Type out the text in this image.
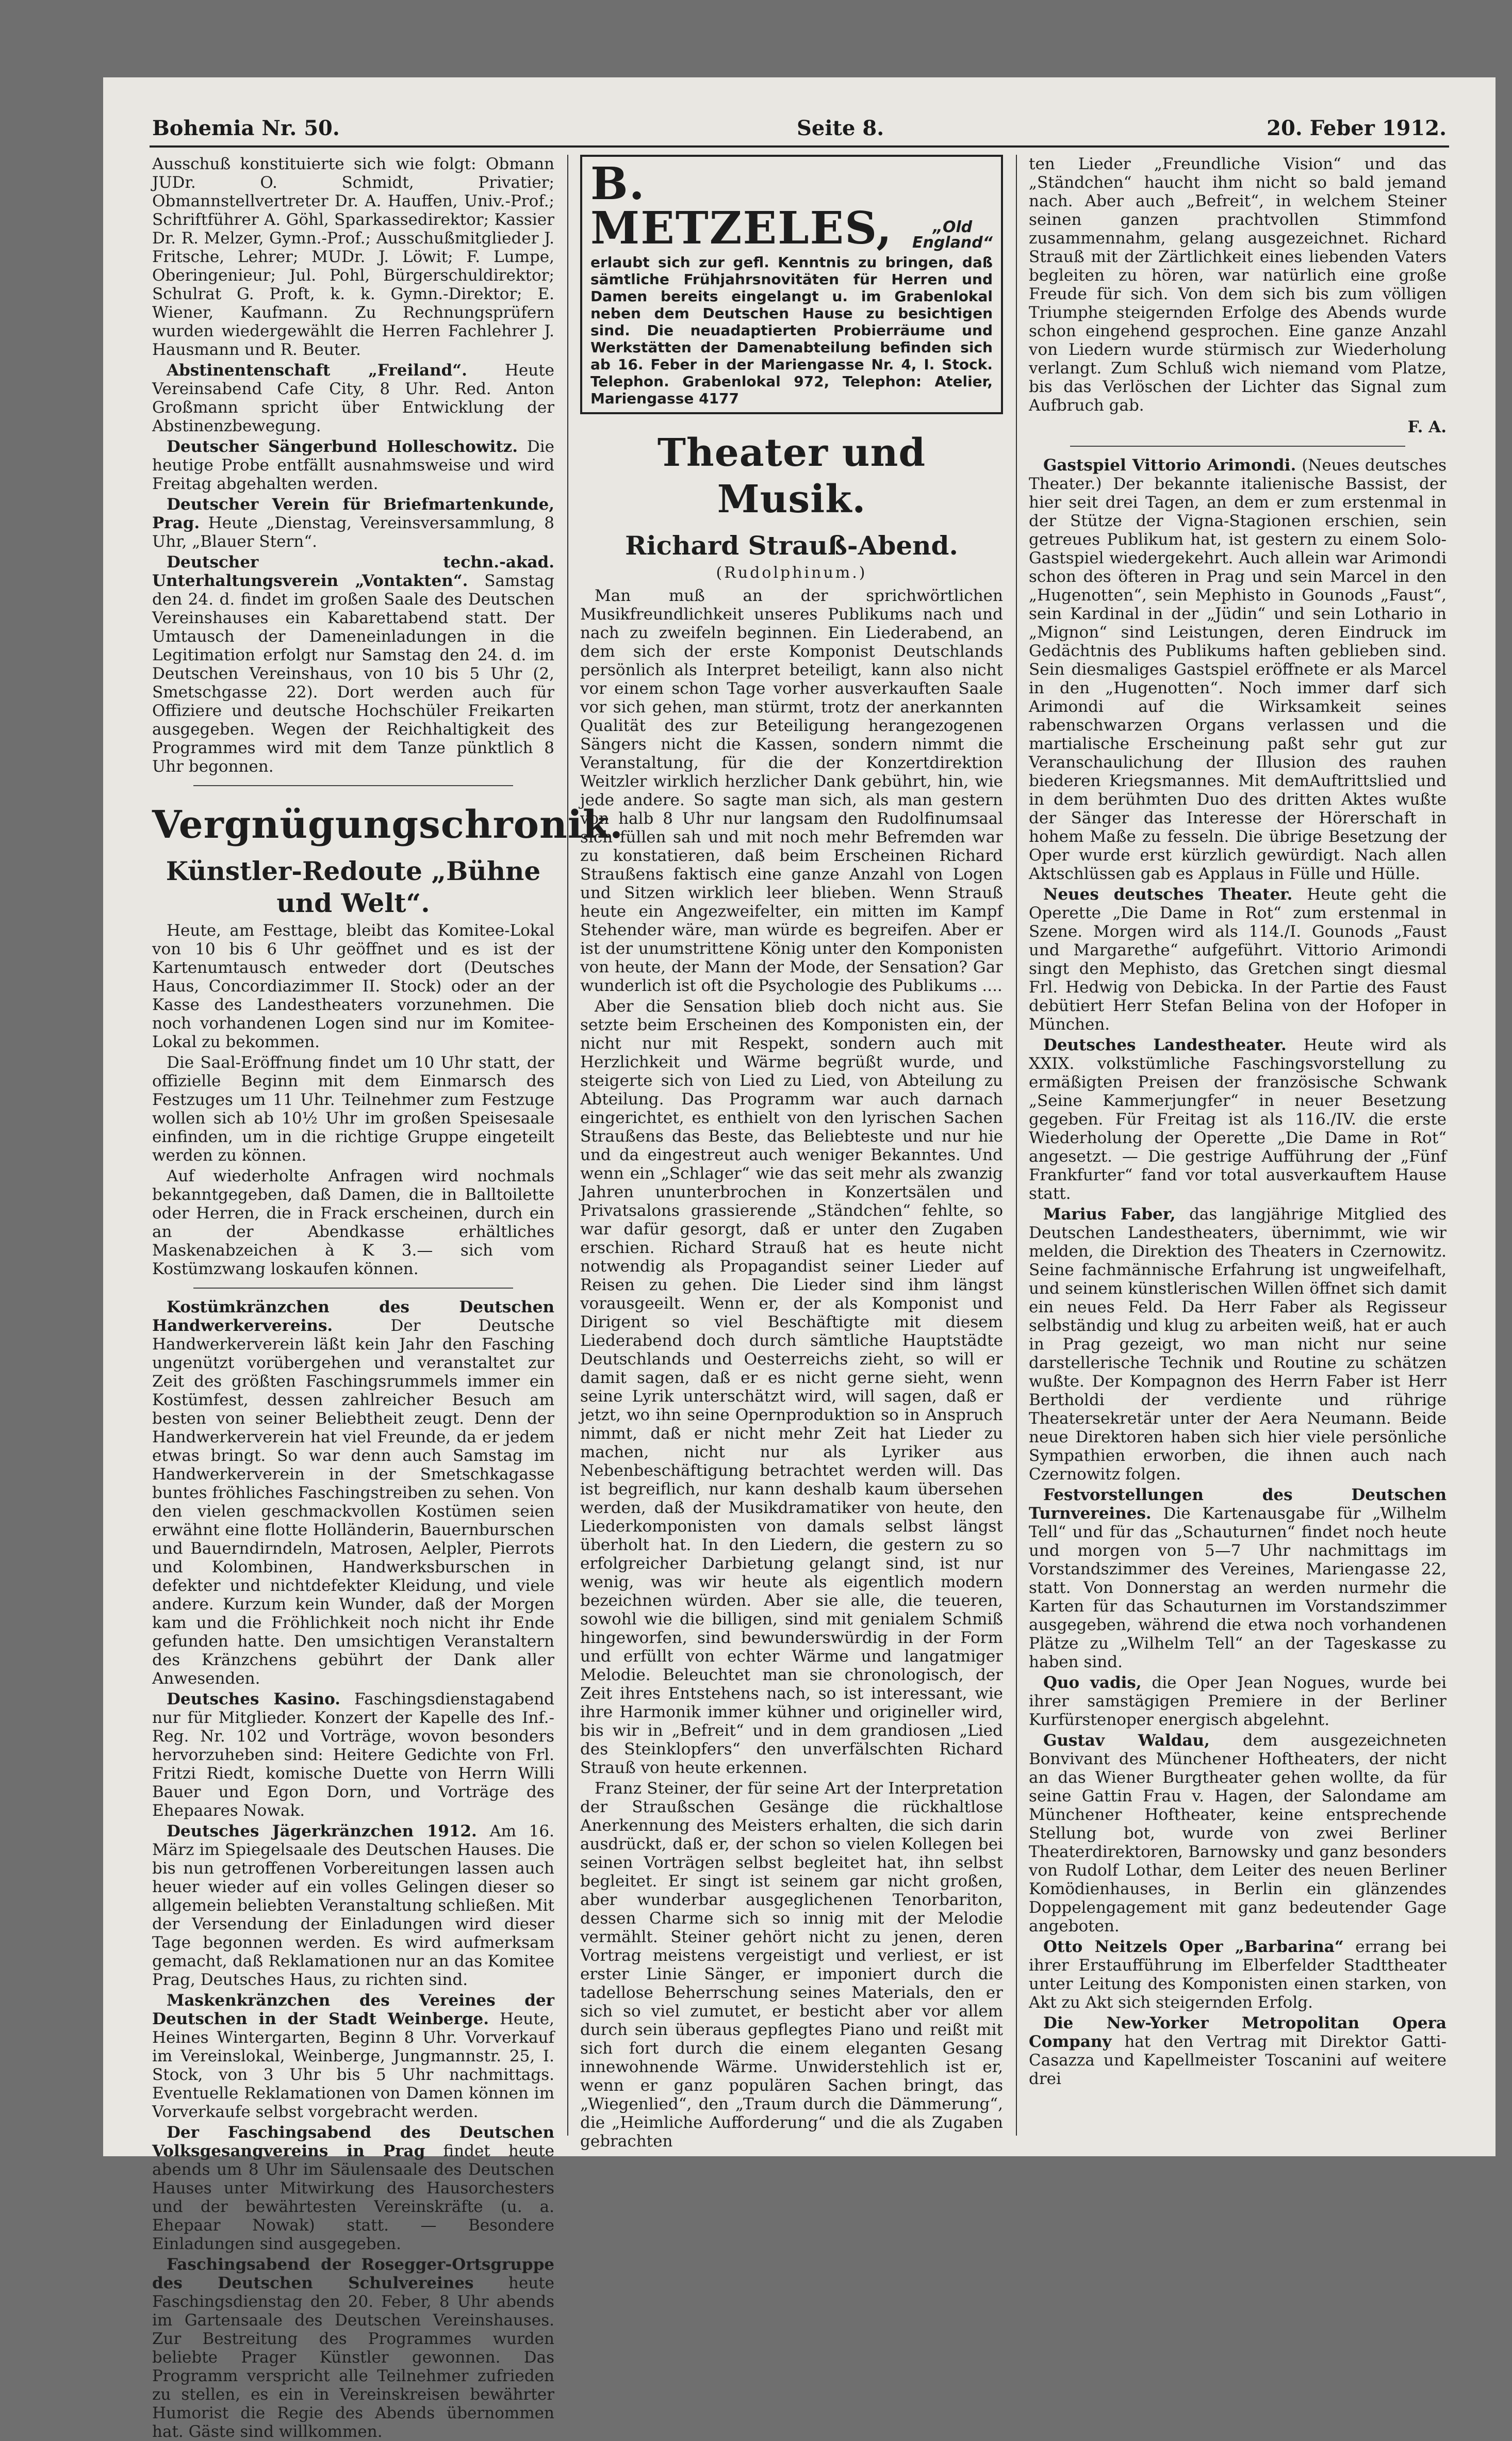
Bohemia Nr. 50.	Seite 8.	20. Feber 1912.

Ausschuß konstituierte sich wie folgt: Obmann JUDr. O. Schmidt, Privatier; Obmannstellvertreter Dr. A. Hauffen, Univ.-Prof.; Schriftführer A. Göhl, Sparkassedirektor; Kassier Dr. R. Melzer, Gymn.-Prof.; Ausschußmitglieder J. Fritsche, Lehrer; MUDr. J. Löwit; F. Lumpe, Oberingenieur; Jul. Pohl, Bürgerschuldirektor; Schulrat G. Proft, k. k. Gymn.-Direktor; E. Wiener, Kaufmann. Zu Rechnungsprüfern wurden wiedergewählt die Herren Fachlehrer J. Hausmann und R. Beuter.

Abstinentenschaft „Freiland“. Heute Vereinsabend Cafe City, 8 Uhr. Red. Anton Großmann spricht über Entwicklung der Abstinenzbewegung.

Deutscher Sängerbund Holleschowitz. Die heutige Probe entfällt ausnahmsweise und wird Freitag abgehalten werden.

Deutscher Verein für Briefmartenkunde, Prag. Heute „Dienstag, Vereinsversammlung, 8 Uhr, „Blauer Stern“.

Deutscher techn.-akad. Unterhaltungsverein „Vontakten“. Samstag den 24. d. findet im großen Saale des Deutschen Vereinshauses ein Kabarettabend statt. Der Umtausch der Dameneinladungen in die Legitimation erfolgt nur Samstag den 24. d. im Deutschen Vereinshaus, von 10 bis 5 Uhr (2, Smetschgasse 22). Dort werden auch für Offiziere und deutsche Hochschüler Freikarten ausgegeben. Wegen der Reichhaltigkeit des Programmes wird mit dem Tanze pünktlich 8 Uhr begonnen.

Vergnügungschronik.
Künstler-Redoute „Bühne und Welt“.

Heute, am Festtage, bleibt das Komitee-Lokal von 10 bis 6 Uhr geöffnet und es ist der Kartenumtausch entweder dort (Deutsches Haus, Concordiazimmer II. Stock) oder an der Kasse des Landestheaters vorzunehmen. Die noch vorhandenen Logen sind nur im Komitee-Lokal zu bekommen.

Die Saal-Eröffnung findet um 10 Uhr statt, der offizielle Beginn mit dem Einmarsch des Festzuges um 11 Uhr. Teilnehmer zum Festzuge wollen sich ab 10½ Uhr im großen Speisesaale einfinden, um in die richtige Gruppe eingeteilt werden zu können.

Auf wiederholte Anfragen wird nochmals bekanntgegeben, daß Damen, die in Balltoilette oder Herren, die in Frack erscheinen, durch ein an der Abendkasse erhältliches Maskenabzeichen à K 3.— sich vom Kostümzwang loskaufen können.

Kostümkränzchen des Deutschen Handwerkervereins.	Der Deutsche Handwerkerverein läßt kein Jahr den Fasching ungenützt vorübergehen und veranstaltet zur Zeit des größten Faschingsrummels immer ein Kostümfest, dessen zahlreicher Besuch am besten von seiner Beliebtheit zeugt. Denn der Handwerkerverein hat viel Freunde, da er jedem etwas bringt. So war denn auch Samstag im Handwerkerverein in der Smetschkagasse buntes fröhliches Faschingstreiben zu sehen. Von den vielen geschmackvollen Kostümen seien erwähnt eine flotte Holländerin, Bauernburschen und Bauerndirndeln, Matrosen, Aelpler, Pierrots und Kolombinen, Handwerksburschen in defekter und nichtdefekter Kleidung, und viele andere. Kurzum kein Wunder, daß der Morgen kam und die Fröhlichkeit noch nicht ihr Ende gefunden hatte. Den umsichtigen Veranstaltern des Kränzchens gebührt der Dank aller Anwesenden.

Deutsches Kasino. Faschingsdienstagabend nur für Mitglieder. Konzert der Kapelle des Inf.-Reg. Nr. 102 und Vorträge, wovon besonders hervorzuheben sind: Heitere Gedichte von Frl. Fritzi Riedt, komische Duette von Herrn Willi Bauer und Egon Dorn, und Vorträge des Ehepaares Nowak.

Deutsches Jägerkränzchen 1912. Am 16. März im Spiegelsaale des Deutschen Hauses. Die bis nun getroffenen Vorbereitungen lassen auch heuer wieder auf ein volles Gelingen dieser so allgemein beliebten Veranstaltung schließen. Mit der Versendung der Einladungen wird dieser Tage begonnen werden. Es wird aufmerksam gemacht, daß Reklamationen nur an das Komitee Prag, Deutsches Haus, zu richten sind.

Maskenkränzchen des Vereines der Deutschen in der Stadt Weinberge. Heute, Heines Wintergarten, Beginn 8 Uhr. Vorverkauf im Vereinslokal, Weinberge, Jungmannstr. 25, I. Stock, von 3 Uhr bis 5 Uhr nachmittags. Eventuelle Reklamationen von Damen können im Vorverkaufe selbst vorgebracht werden.

Der Faschingsabend des Deutschen Volksgesangvereins in Prag findet heute abends um 8 Uhr im Säulensaale des Deutschen Hauses unter Mitwirkung des Hausorchesters und der bewährtesten Vereinskräfte (u. a. Ehepaar Nowak) statt. — Besondere Einladungen sind ausgegeben.

Faschingsabend der Rosegger-Ortsgruppe des Deutschen Schulvereines heute Faschingsdienstag den 20. Feber, 8 Uhr abends im Gartensaale des Deutschen Vereinshauses. Zur Bestreitung des Programmes wurden beliebte Prager Künstler gewonnen. Das Programm verspricht alle Teilnehmer zufrieden zu stellen, es ein in Vereinskreisen bewährter Humorist die Regie des Abends übernommen hat. Gäste sind willkommen.

B. METZELES,	„Old
England“
erlaubt sich zur gefl. Kenntnis zu bringen, daß sämtliche Frühjahrsnovitäten für Herren und Damen bereits eingelangt u. im Grabenlokal neben dem Deutschen Hause zu besichtigen sind. Die neuadaptierten Probierräume und Werkstätten der Damenabteilung befinden sich ab 16. Feber in der Mariengasse Nr. 4, I. Stock. Telephon. Grabenlokal 972, Telephon: Atelier, Mariengasse 4177
Theater und Musik.
Richard Strauß-Abend.
(Rudolphinum.)

Man muß an der sprichwörtlichen Musikfreundlichkeit unseres Publikums nach und nach zu zweifeln beginnen. Ein Liederabend, an dem sich der erste Komponist Deutschlands persönlich als Interpret beteiligt, kann also nicht vor einem schon Tage vorher ausverkauften Saale vor sich gehen, man stürmt, trotz der anerkannten Qualität des zur Beteiligung herangezogenen Sängers nicht die Kassen, sondern nimmt die Veranstaltung, für die der Konzertdirektion Weitzler wirklich herzlicher Dank gebührt, hin, wie jede andere. So sagte man sich, als man gestern von halb 8 Uhr nur langsam den Rudolfinumsaal sich füllen sah und mit noch mehr Befremden war zu konstatieren, daß beim Erscheinen Richard Straußens faktisch eine ganze Anzahl von Logen und Sitzen wirklich leer blieben. Wenn Strauß heute ein Angezweifelter, ein mitten im Kampf Stehender wäre, man würde es begreifen. Aber er ist der unumstrittene König unter den Komponisten von heute, der Mann der Mode, der Sensation? Gar wunderlich ist oft die Psychologie des Publikums ....

Aber die Sensation blieb doch nicht aus. Sie setzte beim Erscheinen des Komponisten ein, der nicht nur mit Respekt, sondern auch mit Herzlichkeit und Wärme begrüßt wurde, und steigerte sich von Lied zu Lied, von Abteilung zu Abteilung. Das Programm war auch darnach eingerichtet, es enthielt von den lyrischen Sachen Straußens das Beste, das Beliebteste und nur hie und da eingestreut auch weniger Bekanntes. Und wenn ein „Schlager“ wie das seit mehr als zwanzig Jahren ununterbrochen in Konzertsälen und Privatsalons grassierende „Ständchen“ fehlte, so war dafür gesorgt, daß er unter den Zugaben erschien. Richard Strauß hat es heute nicht notwendig als Propagandist seiner Lieder auf Reisen zu gehen. Die Lieder sind ihm längst vorausgeeilt. Wenn er, der als Komponist und Dirigent so viel Beschäftigte mit diesem Liederabend doch durch sämtliche Hauptstädte Deutschlands und Oesterreichs zieht, so will er damit sagen, daß er es nicht gerne sieht, wenn seine Lyrik unterschätzt wird, will sagen, daß er jetzt, wo ihn seine Opernproduktion so in Anspruch nimmt, daß er nicht mehr Zeit hat Lieder zu machen, nicht nur als Lyriker aus Nebenbeschäftigung betrachtet werden will. Das ist begreiflich, nur kann deshalb kaum übersehen werden, daß der Musikdramatiker von heute, den Liederkomponisten von damals selbst längst überholt hat. In den Liedern, die gestern zu so erfolgreicher Darbietung gelangt sind, ist nur wenig, was wir heute als eigentlich modern bezeichnen würden. Aber sie alle, die teueren, sowohl wie die billigen, sind mit genialem Schmiß hingeworfen, sind bewunderswürdig in der Form und erfüllt von echter Wärme und langatmiger Melodie. Beleuchtet man sie chronologisch, der Zeit ihres Entstehens nach, so ist interessant, wie ihre Harmonik immer kühner und origineller wird, bis wir in „Befreit“ und in dem grandiosen „Lied des Steinklopfers“ den unverfälschten Richard Strauß von heute erkennen.

Franz Steiner, der für seine Art der Interpretation der Straußschen Gesänge die rückhaltlose Anerkennung des Meisters erhalten, die sich darin ausdrückt, daß er, der schon so vielen Kollegen bei seinen Vorträgen selbst begleitet hat, ihn selbst begleitet. Er singt ist seinem gar nicht großen, aber wunderbar ausgeglichenen Tenorbariton, dessen Charme sich so innig mit der Melodie vermählt. Steiner gehört nicht zu jenen, deren Vortrag meistens vergeistigt und verliest, er ist erster Linie Sänger, er imponiert durch die tadellose Beherrschung seines Materials, den er sich so viel zumutet, er besticht aber vor allem durch sein überaus gepflegtes Piano und reißt mit sich fort durch die einem eleganten Gesang innewohnende Wärme. Unwiderstehlich ist er, wenn er ganz populären Sachen bringt, das „Wiegenlied“, den „Traum durch die Dämmerung“, die „Heimliche Aufforderung“ und die als Zugaben gebrachten

ten Lieder „Freundliche Vision“ und das „Ständchen“ haucht ihm nicht so bald jemand nach. Aber auch „Befreit“, in welchem Steiner seinen ganzen prachtvollen Stimmfond zusammennahm, gelang ausgezeichnet. Richard Strauß mit der Zärtlichkeit eines liebenden Vaters begleiten zu hören, war natürlich eine große Freude für sich. Von dem sich bis zum völligen Triumphe steigernden Erfolge des Abends wurde schon eingehend gesprochen. Eine ganze Anzahl von Liedern wurde stürmisch zur Wiederholung verlangt. Zum Schluß wich niemand vom Platze, bis das Verlöschen der Lichter das Signal zum Aufbruch gab.

F. A.

Gastspiel Vittorio Arimondi. (Neues deutsches Theater.) Der bekannte italienische Bassist, der hier seit drei Tagen, an dem er zum erstenmal in der Stütze der Vigna-Stagionen erschien, sein getreues Publikum hat, ist gestern zu einem Solo-Gastspiel wiedergekehrt. Auch allein war Arimondi schon des öfteren in Prag und sein Marcel in den „Hugenotten“, sein Mephisto in Gounods „Faust“, sein Kardinal in der „Jüdin“ und sein Lothario in „Mignon“ sind Leistungen, deren Eindruck im Gedächtnis des Publikums haften geblieben sind. Sein diesmaliges Gastspiel eröffnete er als Marcel in den „Hugenotten“. Noch immer darf sich Arimondi auf die Wirksamkeit seines rabenschwarzen Organs verlassen und die martialische Erscheinung paßt sehr gut zur Veranschaulichung der Illusion des rauhen biederen Kriegsmannes. Mit demAuftrittslied und in dem berühmten Duo des dritten Aktes wußte der Sänger das Interesse der Hörerschaft in hohem Maße zu fesseln. Die übrige Besetzung der Oper wurde erst kürzlich gewürdigt. Nach allen Aktschlüssen gab es Applaus in Fülle und Hülle.

Neues deutsches Theater. Heute geht die Operette „Die Dame in Rot“ zum erstenmal in Szene. Morgen wird als 114./I. Gounods „Faust und Margarethe“ aufgeführt. Vittorio Arimondi singt den Mephisto, das Gretchen singt diesmal Frl. Hedwig von Debicka. In der Partie des Faust debütiert Herr Stefan Belina von der Hofoper in München.

Deutsches Landestheater. Heute wird als XXIX. volkstümliche Faschingsvorstellung zu ermäßigten Preisen der französische Schwank „Seine Kammerjungfer“ in neuer Besetzung gegeben. Für Freitag ist als 116./IV. die erste Wiederholung der Operette „Die Dame in Rot“ angesetzt. — Die gestrige Aufführung der „Fünf Frankfurter“ fand vor total ausverkauftem Hause statt.

Marius Faber, das langjährige Mitglied des Deutschen Landestheaters, übernimmt, wie wir melden, die Direktion des Theaters in Czernowitz. Seine fachmännische Erfahrung ist ungweifelhaft, und seinem künstlerischen Willen öffnet sich damit ein neues Feld. Da Herr Faber als Regisseur selbständig und klug zu arbeiten weiß, hat er auch in Prag gezeigt, wo man nicht nur seine darstellerische Technik und Routine zu schätzen wußte. Der Kompagnon des Herrn Faber ist Herr Bertholdi der verdiente und rührige Theatersekretär unter der Aera Neumann. Beide neue Direktoren haben sich hier viele persönliche Sympathien erworben, die ihnen auch nach Czernowitz folgen.

Festvorstellungen des Deutschen Turnvereines. Die Kartenausgabe für „Wilhelm Tell“ und für das „Schauturnen“ findet noch heute und morgen von 5—7 Uhr nachmittags im Vorstandszimmer des Vereines, Mariengasse 22, statt. Von Donnerstag an werden nurmehr die Karten für das Schauturnen im Vorstandszimmer ausgegeben, während die etwa noch vorhandenen Plätze zu „Wilhelm Tell“ an der Tageskasse zu haben sind.

Quo vadis, die Oper Jean Nogues, wurde bei ihrer samstägigen Premiere in der Berliner Kurfürstenoper energisch abgelehnt.

Gustav Waldau, dem ausgezeichneten Bonvivant des Münchener Hoftheaters, der nicht an das Wiener Burgtheater gehen wollte, da für seine Gattin Frau v. Hagen, der Salondame am Münchener Hoftheater, keine entsprechende Stellung bot, wurde von zwei Berliner Theaterdirektoren, Barnowsky und ganz besonders von Rudolf Lothar, dem Leiter des neuen Berliner Komödienhauses, in Berlin ein glänzendes Doppelengagement mit ganz bedeutender Gage angeboten.

Otto Neitzels Oper „Barbarina“ errang bei ihrer Erstaufführung im Elberfelder Stadttheater unter Leitung des Komponisten einen starken, von Akt zu Akt sich steigernden Erfolg.

Die New-Yorker Metropolitan Opera Company hat den Vertrag mit Direktor Gatti-Casazza und Kapellmeister Toscanini auf weitere drei
